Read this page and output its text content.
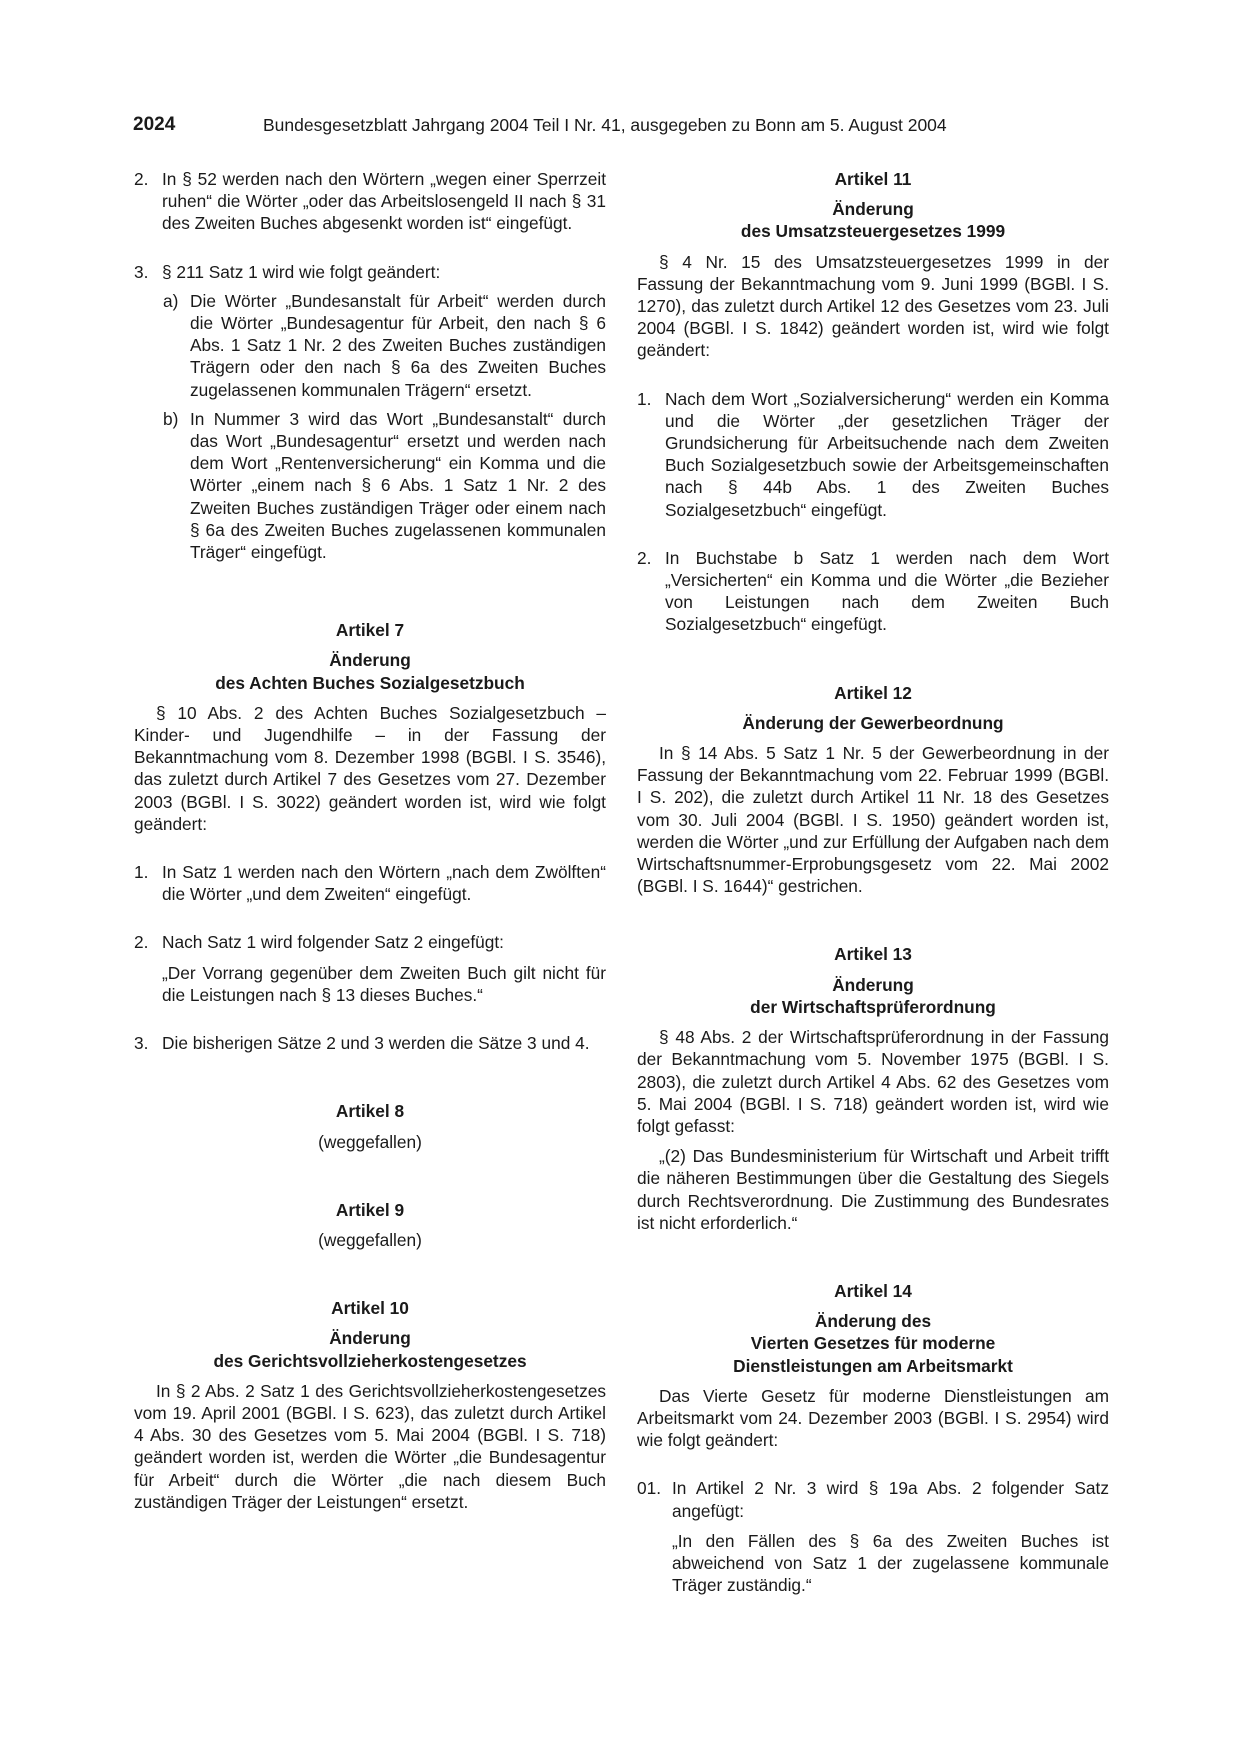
2024	Bundesgesetzblatt Jahrgang 2004 Teil I Nr. 41, ausgegeben zu Bonn am 5. August 2004

2. In § 52 werden nach den Wörtern „wegen einer Sperrzeit ruhen“ die Wörter „oder das Arbeitslosengeld II nach § 31 des Zweiten Buches abgesenkt worden ist“ eingefügt.

3. § 211 Satz 1 wird wie folgt geändert:

a) Die Wörter „Bundesanstalt für Arbeit“ werden durch die Wörter „Bundesagentur für Arbeit, den nach § 6 Abs. 1 Satz 1 Nr. 2 des Zweiten Buches zuständigen Trägern oder den nach § 6a des Zweiten Buches zugelassenen kommunalen Trägern“ ersetzt.

b) In Nummer 3 wird das Wort „Bundesanstalt“ durch das Wort „Bundesagentur“ ersetzt und werden nach dem Wort „Rentenversicherung“ ein Komma und die Wörter „einem nach § 6 Abs. 1 Satz 1 Nr. 2 des Zweiten Buches zuständigen Träger oder einem nach § 6a des Zweiten Buches zugelassenen kommunalen Träger“ eingefügt.

Artikel 7
Änderung
des Achten Buches Sozialgesetzbuch

§ 10 Abs. 2 des Achten Buches Sozialgesetzbuch – Kinder- und Jugendhilfe – in der Fassung der Bekanntmachung vom 8. Dezember 1998 (BGBl. I S. 3546), das zuletzt durch Artikel 7 des Gesetzes vom 27. Dezember 2003 (BGBl. I S. 3022) geändert worden ist, wird wie folgt geändert:

1. In Satz 1 werden nach den Wörtern „nach dem Zwölften“ die Wörter „und dem Zweiten“ eingefügt.

2. Nach Satz 1 wird folgender Satz 2 eingefügt:

„Der Vorrang gegenüber dem Zweiten Buch gilt nicht für die Leistungen nach § 13 dieses Buches.“

3. Die bisherigen Sätze 2 und 3 werden die Sätze 3 und 4.

Artikel 8
(weggefallen)
Artikel 9
(weggefallen)
Artikel 10
Änderung
des Gerichtsvollzieherkostengesetzes

In § 2 Abs. 2 Satz 1 des Gerichtsvollzieherkostengesetzes vom 19. April 2001 (BGBl. I S. 623), das zuletzt durch Artikel 4 Abs. 30 des Gesetzes vom 5. Mai 2004 (BGBl. I S. 718) geändert worden ist, werden die Wörter „die Bundesagentur für Arbeit“ durch die Wörter „die nach diesem Buch zuständigen Träger der Leistungen“ ersetzt.

Artikel 11
Änderung
des Umsatzsteuergesetzes 1999

§ 4 Nr. 15 des Umsatzsteuergesetzes 1999 in der Fassung der Bekanntmachung vom 9. Juni 1999 (BGBl. I S. 1270), das zuletzt durch Artikel 12 des Gesetzes vom 23. Juli 2004 (BGBl. I S. 1842) geändert worden ist, wird wie folgt geändert:

1. Nach dem Wort „Sozialversicherung“ werden ein Komma und die Wörter „der gesetzlichen Träger der Grundsicherung für Arbeitsuchende nach dem Zweiten Buch Sozialgesetzbuch sowie der Arbeitsgemeinschaften nach § 44b Abs. 1 des Zweiten Buches Sozialgesetzbuch“ eingefügt.

2. In Buchstabe b Satz 1 werden nach dem Wort „Versicherten“ ein Komma und die Wörter „die Bezieher von Leistungen nach dem Zweiten Buch Sozialgesetzbuch“ eingefügt.

Artikel 12
Änderung der Gewerbeordnung

In § 14 Abs. 5 Satz 1 Nr. 5 der Gewerbeordnung in der Fassung der Bekanntmachung vom 22. Februar 1999 (BGBl. I S. 202), die zuletzt durch Artikel 11 Nr. 18 des Gesetzes vom 30. Juli 2004 (BGBl. I S. 1950) geändert worden ist, werden die Wörter „und zur Erfüllung der Aufgaben nach dem Wirtschaftsnummer-Erprobungsgesetz vom 22. Mai 2002 (BGBl. I S. 1644)“ gestrichen.

Artikel 13
Änderung
der Wirtschaftsprüferordnung

§ 48 Abs. 2 der Wirtschaftsprüferordnung in der Fassung der Bekanntmachung vom 5. November 1975 (BGBl. I S. 2803), die zuletzt durch Artikel 4 Abs. 62 des Gesetzes vom 5. Mai 2004 (BGBl. I S. 718) geändert worden ist, wird wie folgt gefasst:

„(2) Das Bundesministerium für Wirtschaft und Arbeit trifft die näheren Bestimmungen über die Gestaltung des Siegels durch Rechtsverordnung. Die Zustimmung des Bundesrates ist nicht erforderlich.“

Artikel 14
Änderung des
Vierten Gesetzes für moderne
Dienstleistungen am Arbeitsmarkt

Das Vierte Gesetz für moderne Dienstleistungen am Arbeitsmarkt vom 24. Dezember 2003 (BGBl. I S. 2954) wird wie folgt geändert:

01. In Artikel 2 Nr. 3 wird § 19a Abs. 2 folgender Satz angefügt:

„In den Fällen des § 6a des Zweiten Buches ist abweichend von Satz 1 der zugelassene kommunale Träger zuständig.“
